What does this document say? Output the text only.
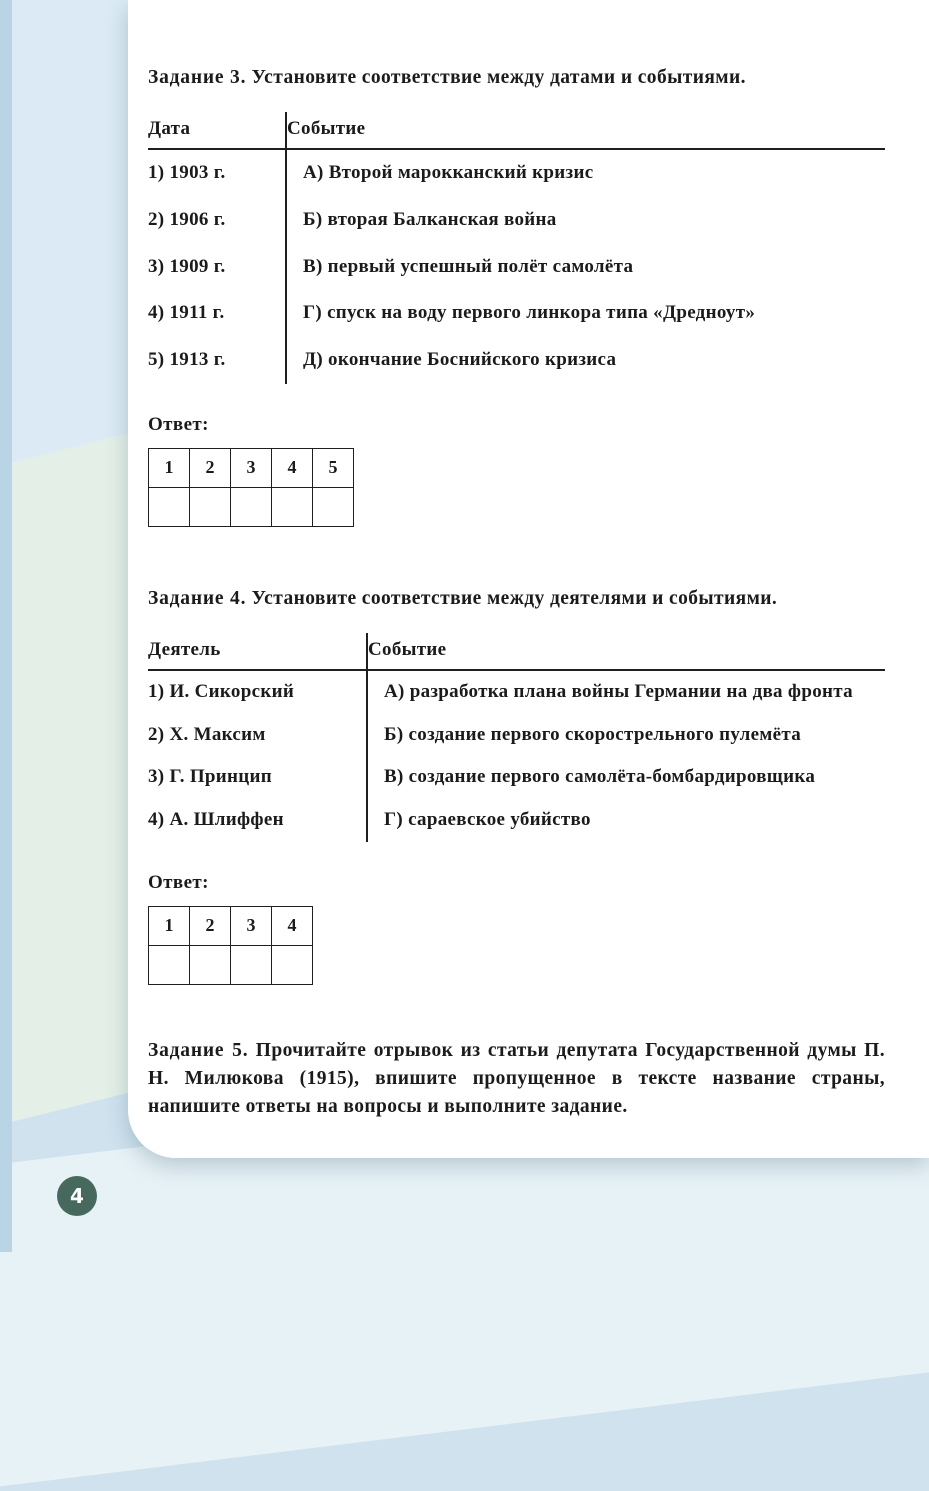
Задание 3. Установите соответствие между датами и событиями.

Дата	Событие
1) 1903 г.	А) Второй марокканский кризис
2) 1906 г.	Б) вторая Балканская война
3) 1909 г.	В) первый успешный полёт самолёта
4) 1911 г.	Г) спуск на воду первого линкора типа «Дредноут»
5) 1913 г.	Д) окончание Боснийского кризиса

Ответ:

1	2	3	4	5

Задание 4. Установите соответствие между деятелями и событиями.

Деятель	Событие
1) И. Сикорский	А) разработка плана войны Германии на два фронта
2) Х. Максим	Б) создание первого скорострельного пулемёта
3) Г. Принцип	В) создание первого самолёта-бомбардировщика
4) А. Шлиффен	Г) сараевское убийство

Ответ:

1	2	3	4

Задание 5. Прочитайте отрывок из статьи депутата Государственной думы П. Н. Милюкова (1915), впишите пропущенное в тексте название страны, напишите ответы на вопросы и выполните задание.

4
